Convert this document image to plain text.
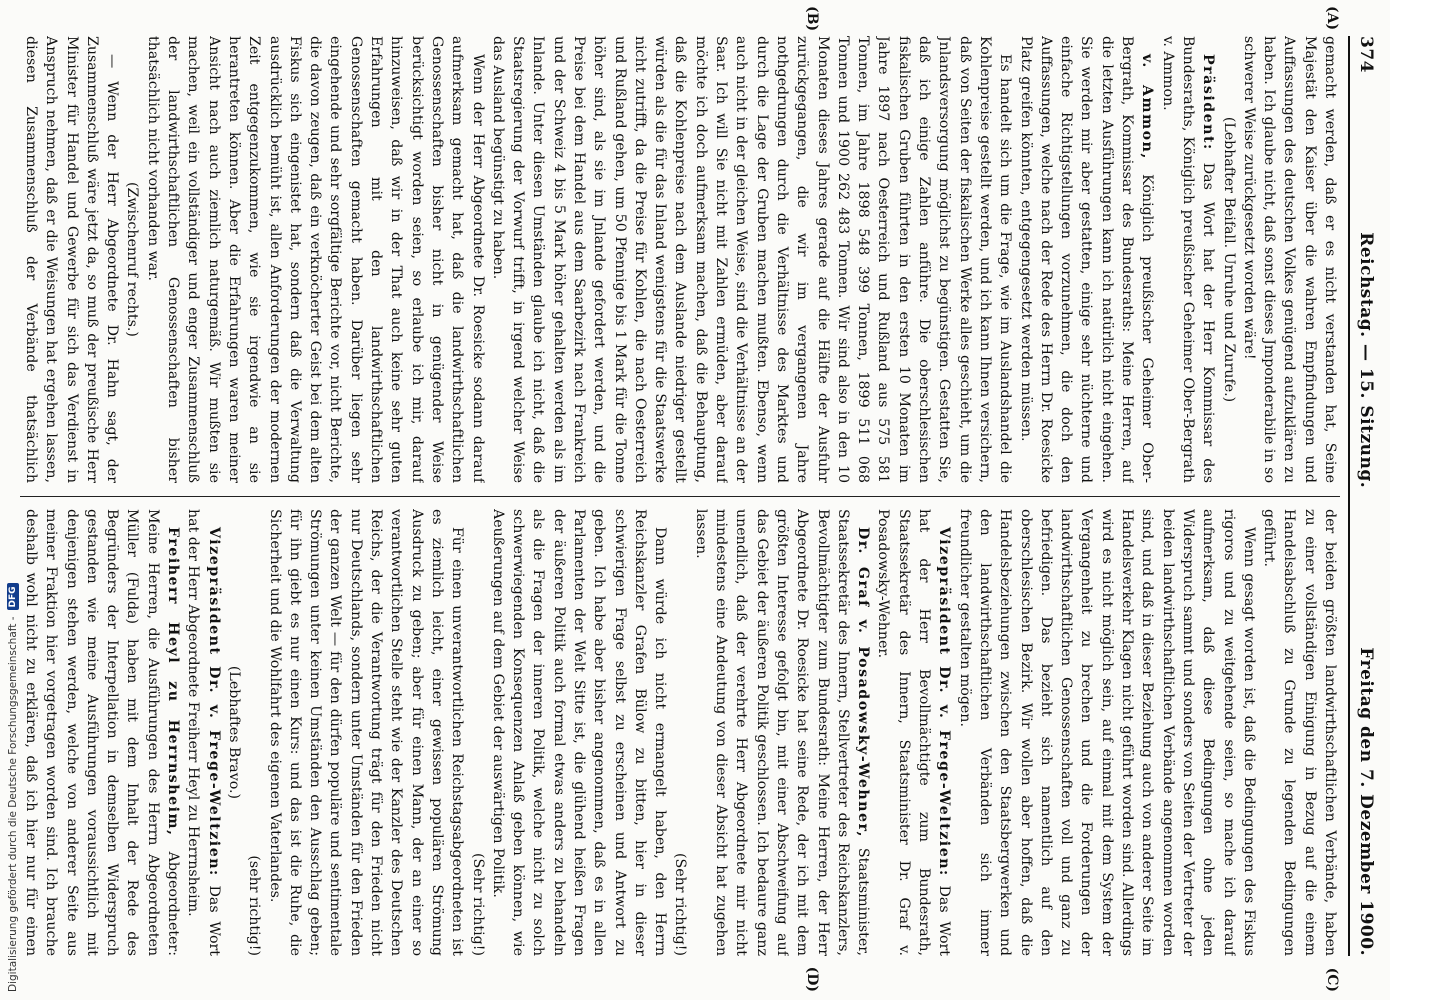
374
Reichstag. — 15. Sitzung.
Freitag den 7. Dezember 1900.
(A)
(B)
(C)
(D)

gemacht werden, daß er es nicht verstanden hat, Seine Majestät den Kaiser über die wahren Empfindungen und Auffassungen des deutschen Volkes genügend aufzuklären zu haben. Ich glaube nicht, daß sonst dieses Jmponderabile in so schwerer Weise zurückgesetzt worden wäre!

(Lebhafter Beifall. Unruhe und Zurufe.)

Präsident: Das Wort hat der Herr Kommissar des Bundesraths, Königlich preußischer Geheimer Ober-Bergrath v. Ammon.

v. Ammon, Königlich preußischer Geheimer Ober-Bergrath, Kommissar des Bundesraths: Meine Herren, auf die letzten Ausführungen kann ich natürlich nicht eingehen. Sie werden mir aber gestatten, einige sehr nüchterne und einfache Richtigstellungen vorzunehmen, die doch den Auffassungen, welche nach der Rede des Herrn Dr. Roesicke Platz greifen könnten, entgegengesetzt werden müssen.

Es handelt sich um die Frage, wie im Auslandshandel die Kohlenpreise gestellt werden, und ich kann Ihnen versichern, daß von Seiten der fiskalischen Werke alles geschieht, um die Jnlandsversorgung möglichst zu begünstigen. Gestatten Sie, daß ich einige Zahlen anführe. Die oberschlesischen fiskalischen Gruben führten in den ersten 10 Monaten im Jahre 1897 nach Oesterreich und Rußland aus 575 581 Tonnen, im Jahre 1898 548 399 Tonnen, 1899 511 068 Tonnen und 1900 262 483 Tonnen. Wir sind also in den 10 Monaten dieses Jahres gerade auf die Hälfte der Ausfuhr zurückgegangen, die wir im vergangenen Jahre nothgedrungen durch die Verhältnisse des Marktes und durch die Lage der Gruben machen mußten. Ebenso, wenn auch nicht in der gleichen Weise, sind die Verhältnisse an der Saar. Ich will Sie nicht mit Zahlen ermüden, aber darauf möchte ich doch aufmerksam machen, daß die Behauptung, daß die Kohlenpreise nach dem Auslande niedriger gestellt würden als die für das Inland wenigstens für die Staatswerke nicht zutrifft, da die Preise für Kohlen, die nach Oesterreich und Rußland gehen, um 50 Pfennige bis 1 Mark für die Tonne höher sind, als sie im Jnlande gefordert werden, und die Preise bei dem Handel aus dem Saarbezirk nach Frankreich und der Schweiz 4 bis 5 Mark höher gehalten werden als im Inlande. Unter diesen Umständen glaube ich nicht, daß die Staatsregierung der Vorwurf trifft, in irgend welcher Weise das Ausland begünstigt zu haben.

Wenn der Herr Abgeordnete Dr. Roesicke sodann darauf aufmerksam gemacht hat, daß die landwirthschaftlichen Genossenschaften bisher nicht in genügender Weise berücksichtigt worden seien, so erlaube ich mir, darauf hinzuweisen, daß wir in der That auch keine sehr guten Erfahrungen mit den landwirthschaftlichen Genossenschaften gemacht haben. Darüber liegen sehr eingehende und sehr sorgfältige Berichte vor, nicht Berichte, die davon zeugen, daß ein verknöcherter Geist bei dem alten Fiskus sich eingenistet hat, sondern daß die Verwaltung ausdrücklich bemüht ist, allen Anforderungen der modernen Zeit entgegenzukommen, wie sie irgendwie an sie herantreten können. Aber die Erfahrungen waren meiner Ansicht nach auch ziemlich naturgemäß. Wir mußten sie machen, weil ein vollständiger und enger Zusammenschluß der landwirthschaftlichen Genossenschaften bisher thatsächlich nicht vorhanden war.

(Zwischenruf rechts.)

— Wenn der Herr Abgeordnete Dr. Hahn sagt, der Zusammenschluß wäre jetzt da, so muß der preußische Herr Minister für Handel und Gewerbe für sich das Verdienst in Anspruch nehmen, daß er die Weisungen hat ergehen lassen, diesen Zusammenschluß der Verbände thatsächlich

der beiden größten landwirthschaftlichen Verbände, haben zu einer vollständigen Einigung in Bezug auf die einem Handelsabschluß zu Grunde zu legenden Bedingungen geführt.

Wenn gesagt worden ist, daß die Bedingungen des Fiskus rigoros und zu weitgehende seien, so mache ich darauf aufmerksam, daß diese Bedingungen ohne jeden Widerspruch sammt und sonders von Seiten der Vertreter der beiden landwirthschaftlichen Verbände angenommen worden sind, und daß in dieser Beziehung auch von anderer Seite im Handelsverkehr Klagen nicht geführt worden sind. Allerdings wird es nicht möglich sein, auf einmal mit dem System der Vergangenheit zu brechen und die Forderungen der landwirthschaftlichen Genossenschaften voll und ganz zu befriedigen. Das bezieht sich namentlich auf den oberschlesischen Bezirk. Wir wollen aber hoffen, daß die Handelsbeziehungen zwischen den Staatsbergwerken und den landwirthschaftlichen Verbänden sich immer freundlicher gestalten mögen.

Vizepräsident Dr. v. Frege-Weltzien: Das Wort hat der Herr Bevollmächtigte zum Bundesrath, Staatssekretär des Innern, Staatsminister Dr. Graf v. Posadowsky-Wehner.

Dr. Graf v. Posadowsky-Wehner, Staatsminister, Staatssekretär des Innern, Stellvertreter des Reichskanzlers, Bevollmächtigter zum Bundesrath: Meine Herren, der Herr Abgeordnete Dr. Roesicke hat seine Rede, der ich mit dem größten Interesse gefolgt bin, mit einer Abschweifung auf das Gebiet der äußeren Politik geschlossen. Ich bedaure ganz unendlich, daß der verehrte Herr Abgeordnete mir nicht mindestens eine Andeutung von dieser Absicht hat zugehen lassen.

(Sehr richtig!)

Dann würde ich nicht ermangelt haben, den Herrn Reichskanzler Grafen Bülow zu bitten, hier in dieser schwierigen Frage selbst zu erscheinen und Antwort zu geben. Ich habe aber bisher angenommen, daß es in allen Parlamenten der Welt Sitte ist, die glühend heißen Fragen der äußeren Politik auch formal etwas anders zu behandeln als die Fragen der inneren Politik, welche nicht zu solch schwerwiegenden Konsequenzen Anlaß geben können, wie Aeußerungen auf dem Gebiet der auswärtigen Politik.

(Sehr richtig!)

Für einen unverantwortlichen Reichstagsabgeordneten ist es ziemlich leicht, einer gewissen populären Strömung Ausdruck zu geben; aber für einen Mann, der an einer so verantwortlichen Stelle steht wie der Kanzler des Deutschen Reichs, der die Verantwortung trägt für den Frieden nicht nur Deutschlands, sondern unter Umständen für den Frieden der ganzen Welt — für den dürfen populäre und sentimentale Strömungen unter keinen Umständen den Ausschlag geben; für ihn giebt es nur einen Kurs: und das ist die Ruhe, die Sicherheit und die Wohlfahrt des eigenen Vaterlandes.

(sehr richtig!)

(Lebhaftes Bravo.)

Vizepräsident Dr. v. Frege-Weltzien: Das Wort hat der Herr Abgeordnete Freiherr Heyl zu Herrnsheim.

Freiherr Heyl zu Herrnsheim, Abgeordneter: Meine Herren, die Ausführungen des Herrn Abgeordneten Müller (Fulda) haben mit dem Inhalt der Rede des Begründers der Interpellation in demselben Widerspruch gestanden wie meine Ausführungen voraussichtlich mit denjenigen stehen werden, welche von anderer Seite aus meiner Fraktion hier vorgetragen worden sind. Ich brauche deshalb wohl nicht zu erklären, daß ich hier nur für einen

Digitalisierung gefördert durch die Deutsche Forschungsgemeinschaft -
DFG
